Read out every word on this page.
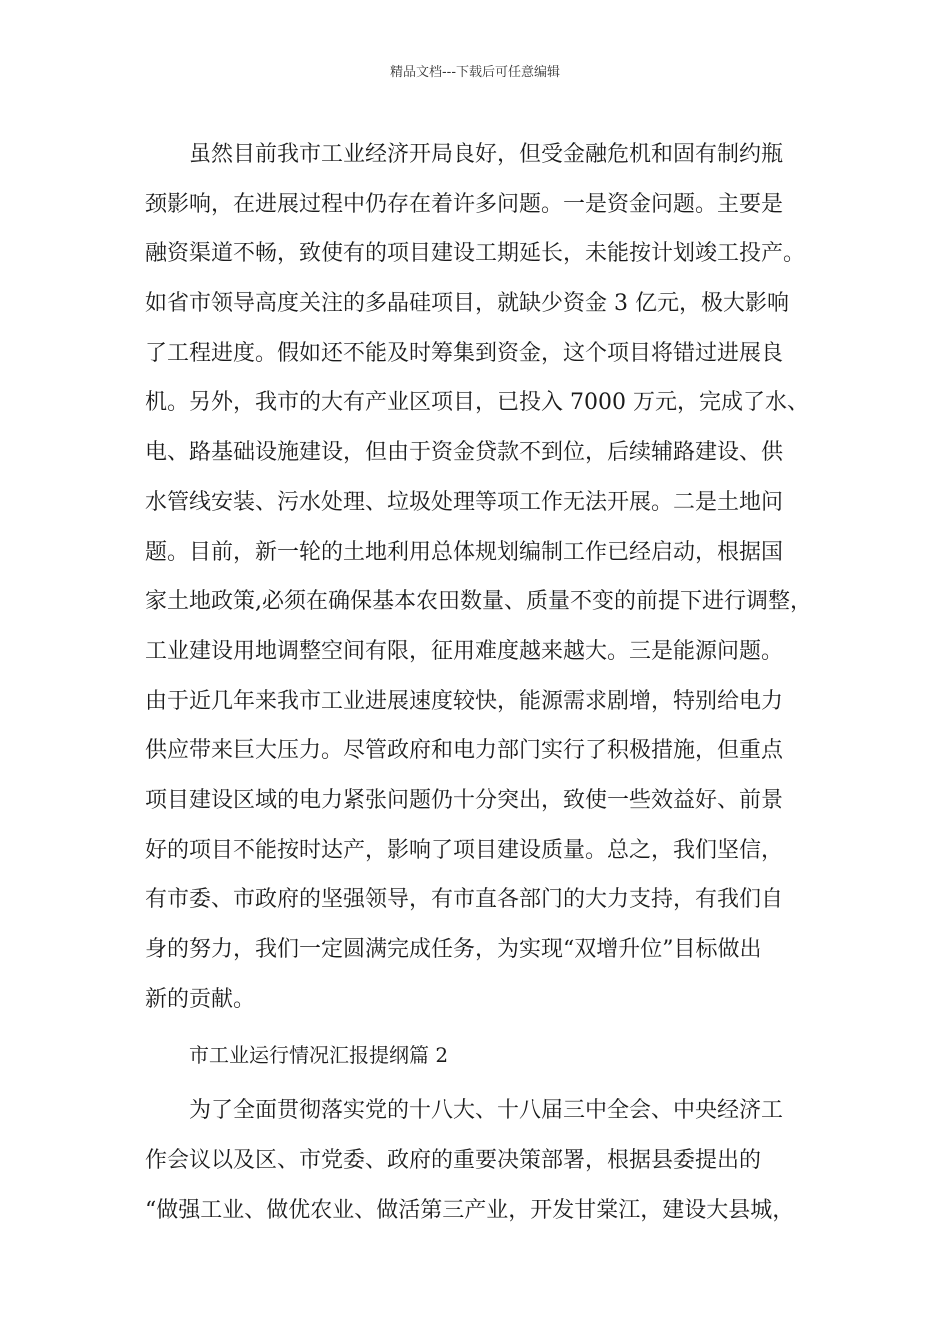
精品文档---下载后可任意编辑
虽然目前我市工业经济开局良好，但受金融危机和固有制约瓶
颈影响，在进展过程中仍存在着许多问题。一是资金问题。主要是
融资渠道不畅，致使有的项目建设工期延长，未能按计划竣工投产。
如省市领导高度关注的多晶硅项目，就缺少资金 3 亿元，极大影响
了工程进度。假如还不能及时筹集到资金，这个项目将错过进展良
机。另外，我市的大有产业区项目，已投入 7000 万元，完成了水、
电、路基础设施建设，但由于资金贷款不到位，后续辅路建设、供
水管线安装、污水处理、垃圾处理等项工作无法开展。二是土地问
题。目前，新一轮的土地利用总体规划编制工作已经启动，根据国
家土地政策,必须在确保基本农田数量、质量不变的前提下进行调整，
工业建设用地调整空间有限，征用难度越来越大。三是能源问题。
由于近几年来我市工业进展速度较快，能源需求剧增，特别给电力
供应带来巨大压力。尽管政府和电力部门实行了积极措施，但重点
项目建设区域的电力紧张问题仍十分突出，致使一些效益好、前景
好的项目不能按时达产，影响了项目建设质量。总之，我们坚信，
有市委、市政府的坚强领导，有市直各部门的大力支持，有我们自
身的努力，我们一定圆满完成任务，为实现“双增升位”目标做出
新的贡献。
市工业运行情况汇报提纲篇 2
为了全面贯彻落实党的十八大、十八届三中全会、中央经济工
作会议以及区、市党委、政府的重要决策部署，根据县委提出的
“做强工业、做优农业、做活第三产业，开发甘棠江，建设大县城，
